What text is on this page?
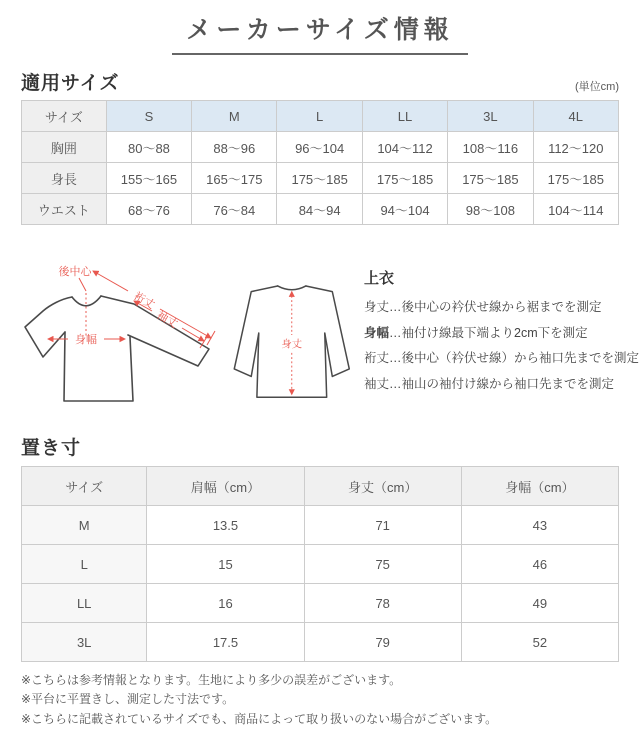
メーカーサイズ情報
適用サイズ	(単位cm)
サイズ	S	M	L	LL	3L	4L
胸囲	80〜88	88〜96	96〜104	104〜112	108〜116	112〜120
身長	155〜165	165〜175	175〜185	175〜185	175〜185	175〜185
ウエスト	68〜76	76〜84	84〜94	94〜104	98〜108	104〜114
後中心
裄丈
袖丈
身幅	身丈
上衣
身丈…後中心の衿伏せ線から裾までを測定
身幅…袖付け線最下端より2cm下を測定
裄丈…後中心（衿伏せ線）から袖口先までを測定
袖丈…袖山の袖付け線から袖口先までを測定
置き寸
サイズ	肩幅（cm）	身丈（cm）	身幅（cm）
M	13.5	71	43
L	15	75	46
LL	16	78	49
3L	17.5	79	52
※こちらは参考情報となります。生地により多少の誤差がございます。
※平台に平置きし、測定した寸法です。
※こちらに記載されているサイズでも、商品によって取り扱いのない場合がございます。
